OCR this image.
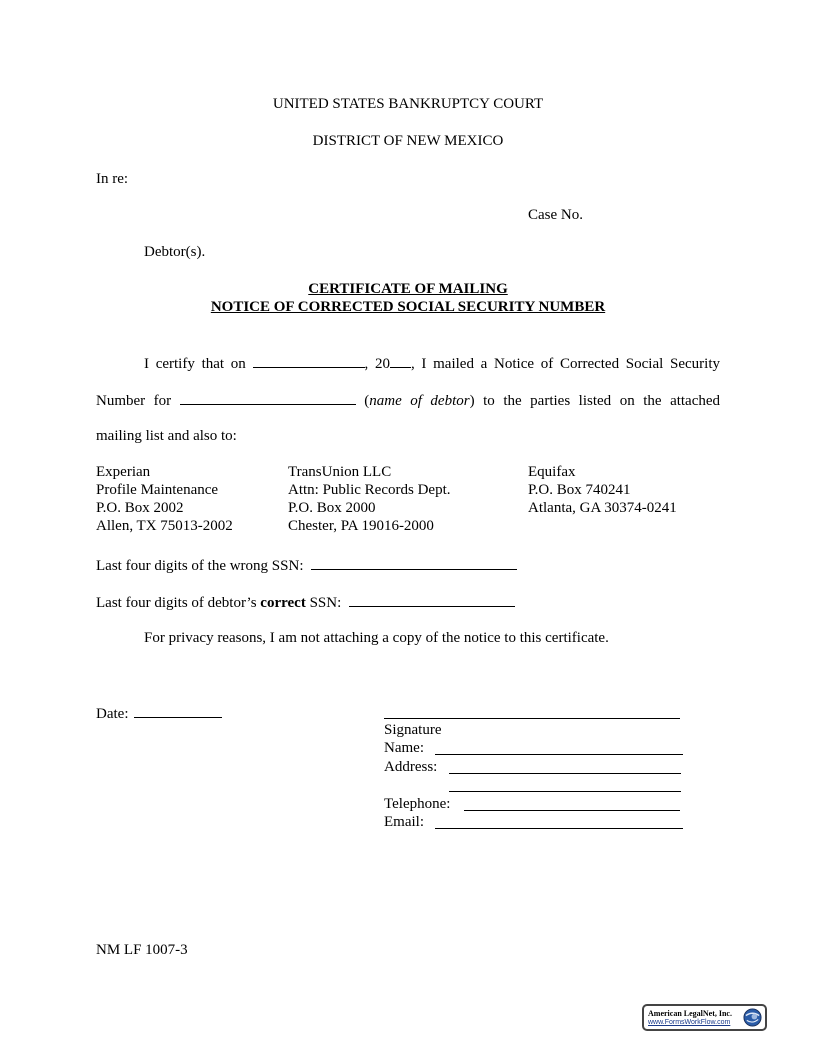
UNITED STATES BANKRUPTCY COURT
DISTRICT OF NEW MEXICO
In re:
Case No.
Debtor(s).
CERTIFICATE OF MAILING
NOTICE OF CORRECTED SOCIAL SECURITY NUMBER
I certify that on	, 20 , I mailed a Notice of Corrected Social Security
Number for	(name of debtor) to the parties listed on the attached
mailing list and also to:
Experian
Profile Maintenance
P.O. Box 2002
Allen, TX 75013-2002
TransUnion LLC
Attn: Public Records Dept.
P.O. Box 2000
Chester, PA 19016-2000
Equifax
P.O. Box 740241
Atlanta, GA 30374-0241
Last four digits of the wrong SSN:
Last four digits of debtor’s correct SSN:
For privacy reasons, I am not attaching a copy of the notice to this certificate.
Date:
Signature
Name:
Address:
Telephone:
Email:
NM LF 1007-3
American LegalNet, Inc.
www.FormsWorkFlow.com
